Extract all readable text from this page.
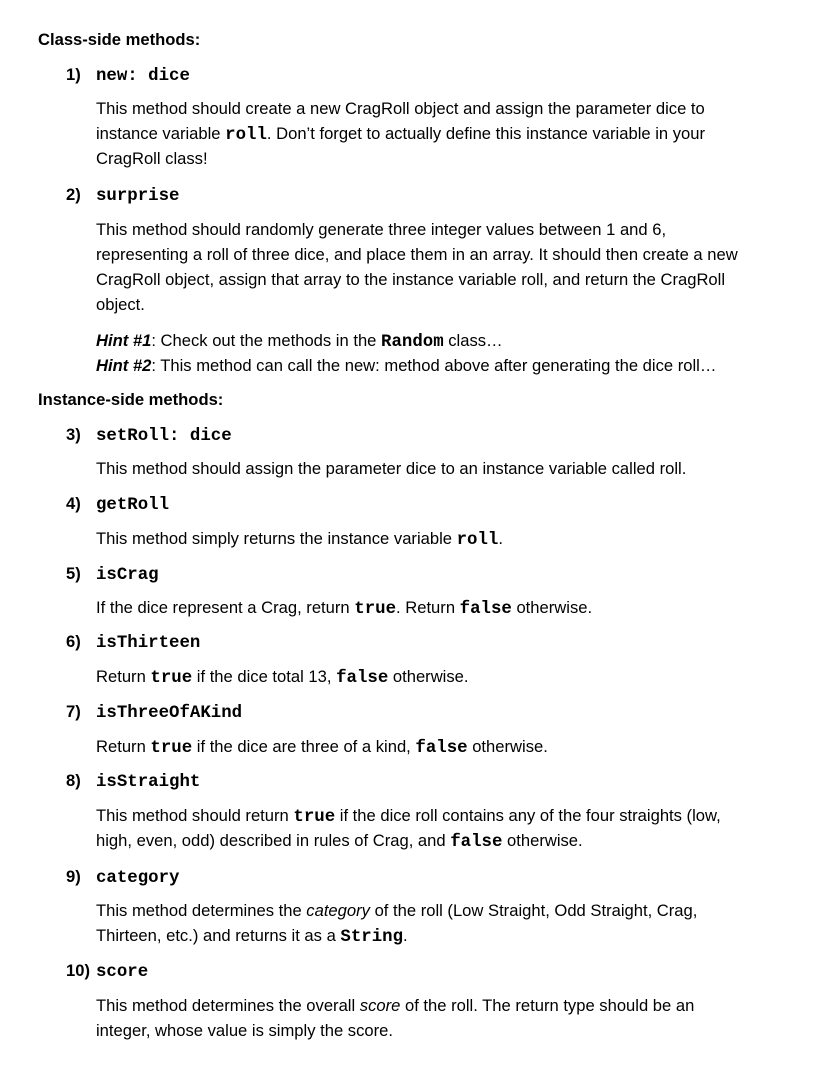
Class-side methods:
1) new: dice
This method should create a new CragRoll object and assign the parameter dice to
instance variable roll. Don’t forget to actually define this instance variable in your
CragRoll class!
2) surprise
This method should randomly generate three integer values between 1 and 6,
representing a roll of three dice, and place them in an array. It should then create a new
CragRoll object, assign that array to the instance variable roll, and return the CragRoll
object.
Hint #1: Check out the methods in the Random class…
Hint #2: This method can call the new: method above after generating the dice roll…
Instance-side methods:
3) setRoll: dice
This method should assign the parameter dice to an instance variable called roll.
4) getRoll
This method simply returns the instance variable roll.
5) isCrag
If the dice represent a Crag, return true. Return false otherwise.
6) isThirteen
Return true if the dice total 13, false otherwise.
7) isThreeOfAKind
Return true if the dice are three of a kind, false otherwise.
8) isStraight
This method should return true if the dice roll contains any of the four straights (low,
high, even, odd) described in rules of Crag, and false otherwise.
9) category
This method determines the category of the roll (Low Straight, Odd Straight, Crag,
Thirteen, etc.) and returns it as a String.
10) score
This method determines the overall score of the roll. The return type should be an
integer, whose value is simply the score.
